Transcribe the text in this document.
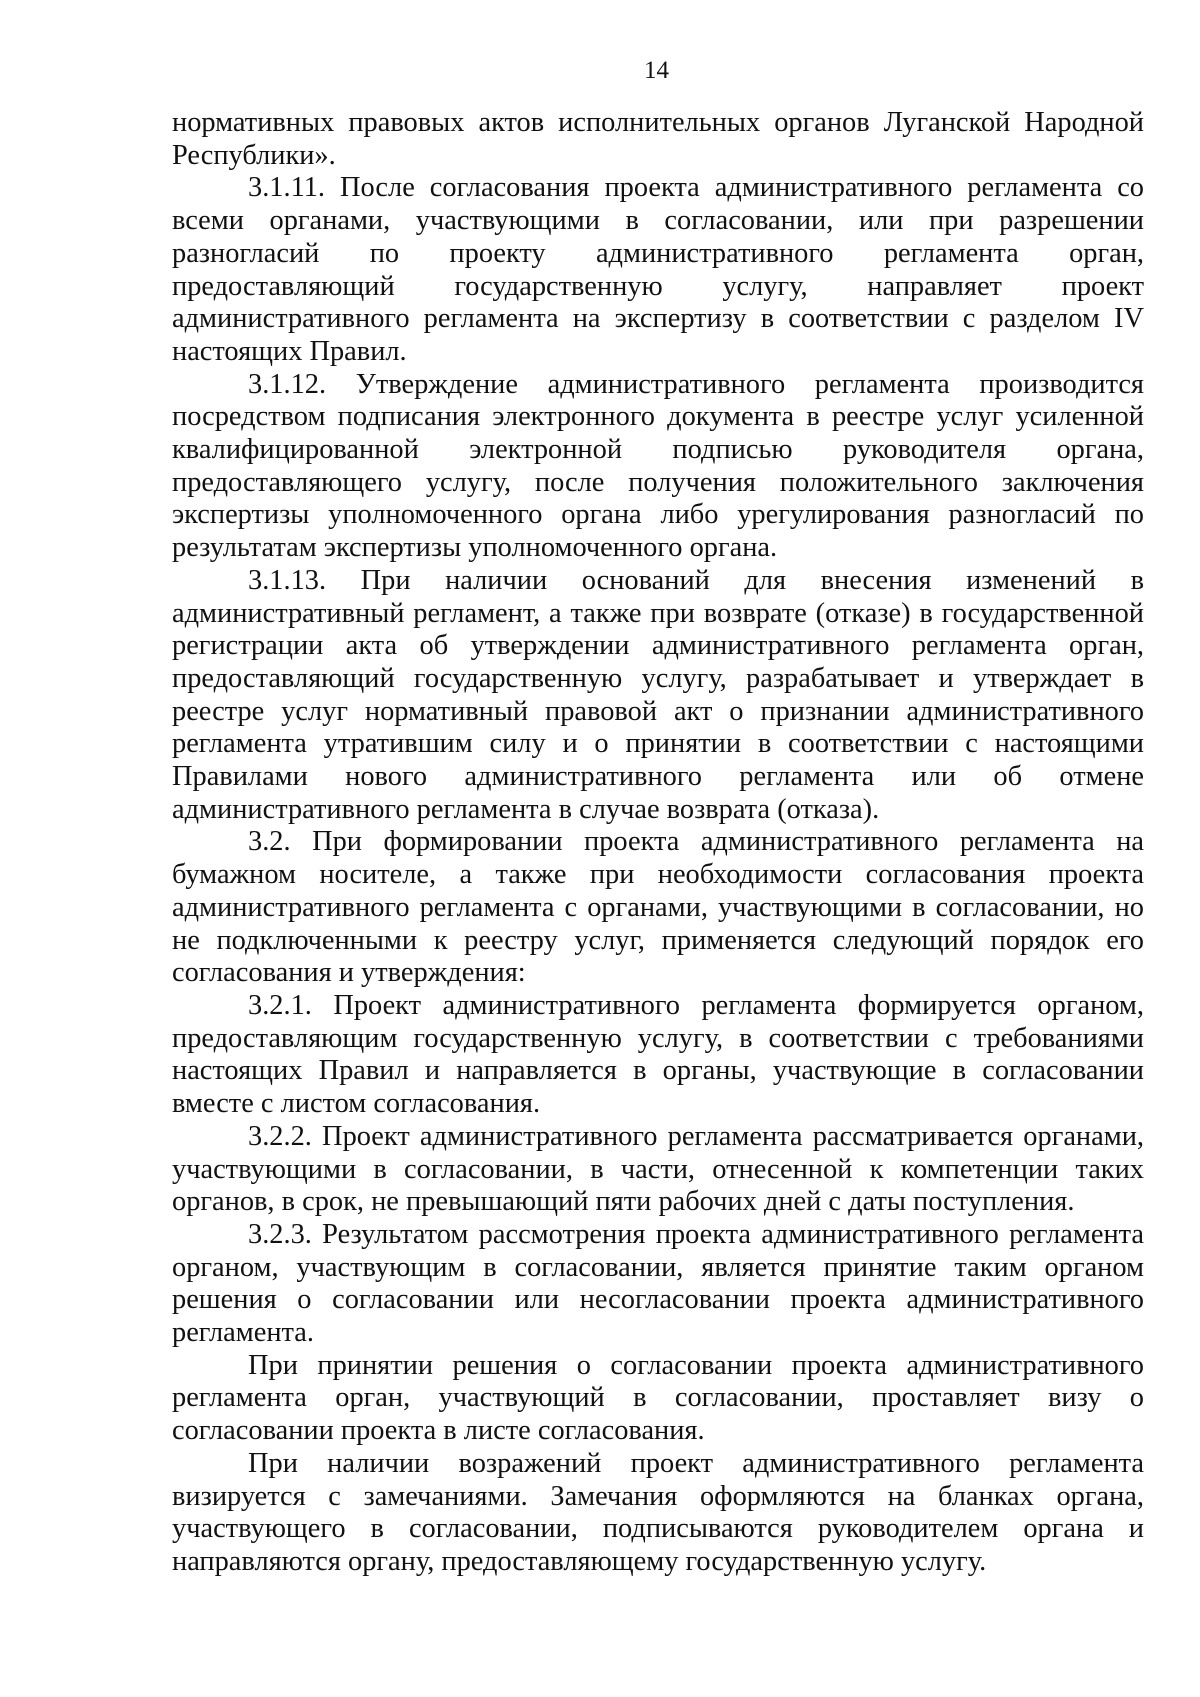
14

нормативных правовых актов исполнительных органов Луганской Народной Республики».

3.1.11. После согласования проекта административного регламента со всеми органами, участвующими в согласовании, или при разрешении разногласий по проекту административного регламента орган, предоставляющий государственную услугу, направляет проект административного регламента на экспертизу в соответствии с разделом IV настоящих Правил.

3.1.12. Утверждение административного регламента производится посредством подписания электронного документа в реестре услуг усиленной квалифицированной электронной подписью руководителя органа, предоставляющего услугу, после получения положительного заключения экспертизы уполномоченного органа либо урегулирования разногласий по результатам экспертизы уполномоченного органа.

3.1.13. При наличии оснований для внесения изменений в административный регламент, а также при возврате (отказе) в государственной регистрации акта об утверждении административного регламента орган, предоставляющий государственную услугу, разрабатывает и утверждает в реестре услуг нормативный правовой акт о признании административного регламента утратившим силу и о принятии в соответствии с настоящими Правилами нового административного регламента или об отмене административного регламента в случае возврата (отказа).

3.2. При формировании проекта административного регламента на бумажном носителе, а также при необходимости согласования проекта административного регламента с органами, участвующими в согласовании, но не подключенными к реестру услуг, применяется следующий порядок его согласования и утверждения:

3.2.1. Проект административного регламента формируется органом, предоставляющим государственную услугу, в соответствии с требованиями настоящих Правил и направляется в органы, участвующие в согласовании вместе с листом согласования.

3.2.2. Проект административного регламента рассматривается органами, участвующими в согласовании, в части, отнесенной к компетенции таких органов, в срок, не превышающий пяти рабочих дней с даты поступления.

3.2.3. Результатом рассмотрения проекта административного регламента органом, участвующим в согласовании, является принятие таким органом решения о согласовании или несогласовании проекта административного регламента.

При принятии решения о согласовании проекта административного регламента орган, участвующий в согласовании, проставляет визу о согласовании проекта в листе согласования.

При наличии возражений проект административного регламента визируется с замечаниями. Замечания оформляются на бланках органа, участвующего в согласовании, подписываются руководителем органа и направляются органу, предоставляющему государственную услугу.
